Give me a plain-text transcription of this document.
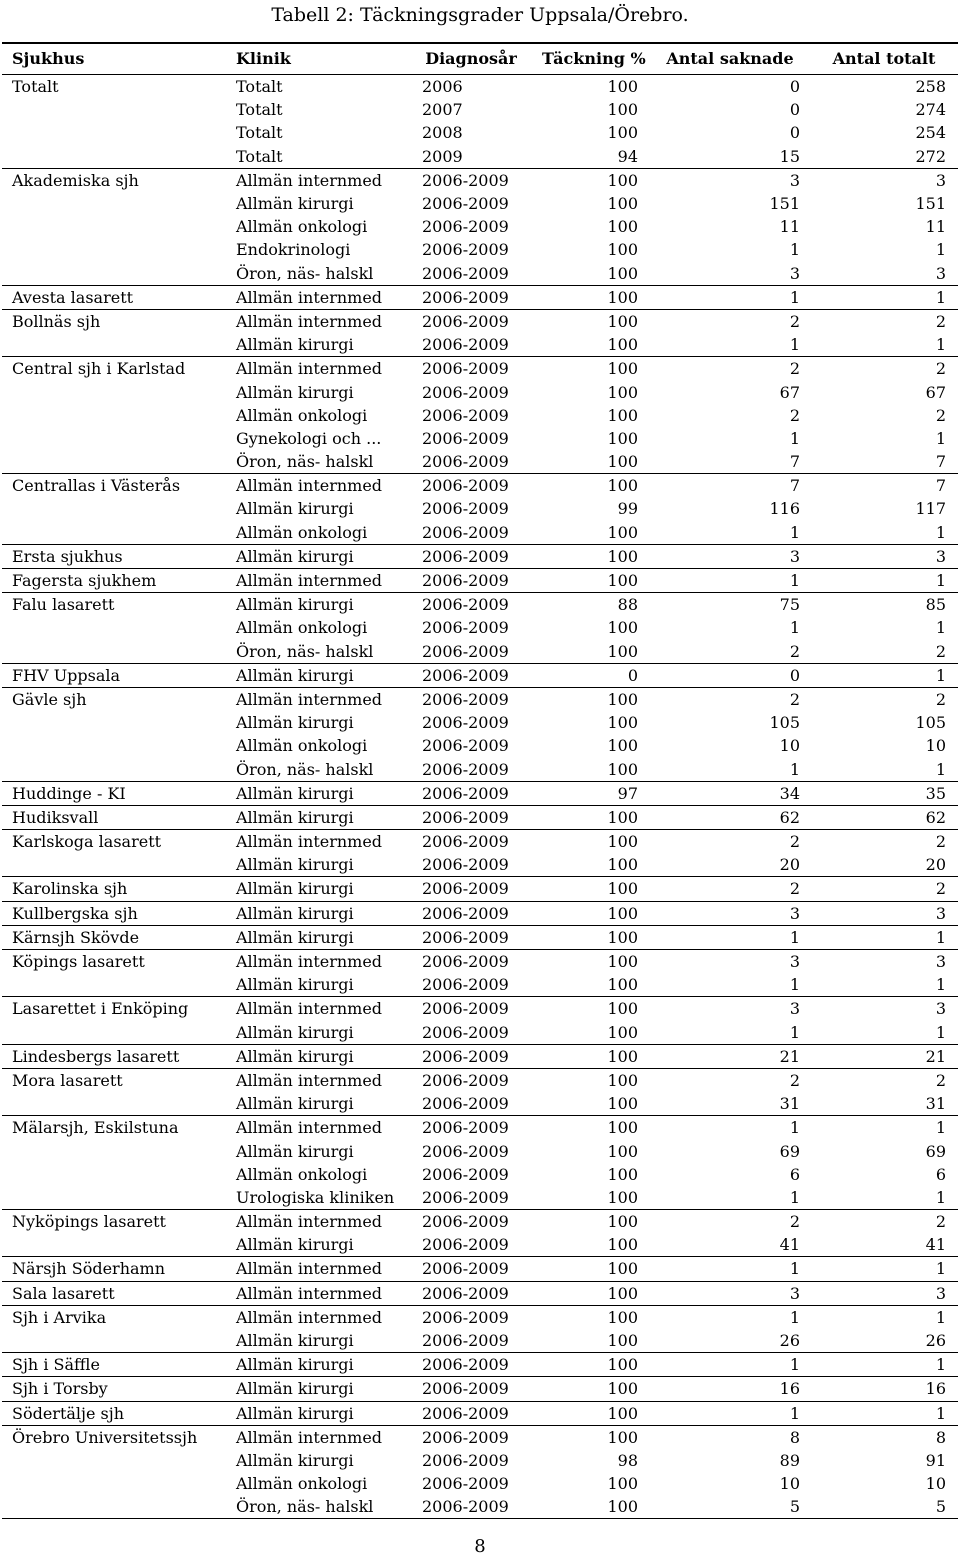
Tabell 2: Täckningsgrader Uppsala/Örebro.
Sjukhus	Klinik	Diagnosår	Täckning %	Antal saknade	Antal totalt
Totalt	Totalt	2006	100	0	258
	Totalt	2007	100	0	274
	Totalt	2008	100	0	254
	Totalt	2009	94	15	272
Akademiska sjh	Allmän internmed	2006-2009	100	3	3
	Allmän kirurgi	2006-2009	100	151	151
	Allmän onkologi	2006-2009	100	11	11
	Endokrinologi	2006-2009	100	1	1
	Öron, näs- halskl	2006-2009	100	3	3
Avesta lasarett	Allmän internmed	2006-2009	100	1	1
Bollnäs sjh	Allmän internmed	2006-2009	100	2	2
	Allmän kirurgi	2006-2009	100	1	1
Central sjh i Karlstad	Allmän internmed	2006-2009	100	2	2
	Allmän kirurgi	2006-2009	100	67	67
	Allmän onkologi	2006-2009	100	2	2
	Gynekologi och ...	2006-2009	100	1	1
	Öron, näs- halskl	2006-2009	100	7	7
Centrallas i Västerås	Allmän internmed	2006-2009	100	7	7
	Allmän kirurgi	2006-2009	99	116	117
	Allmän onkologi	2006-2009	100	1	1
Ersta sjukhus	Allmän kirurgi	2006-2009	100	3	3
Fagersta sjukhem	Allmän internmed	2006-2009	100	1	1
Falu lasarett	Allmän kirurgi	2006-2009	88	75	85
	Allmän onkologi	2006-2009	100	1	1
	Öron, näs- halskl	2006-2009	100	2	2
FHV Uppsala	Allmän kirurgi	2006-2009	0	0	1
Gävle sjh	Allmän internmed	2006-2009	100	2	2
	Allmän kirurgi	2006-2009	100	105	105
	Allmän onkologi	2006-2009	100	10	10
	Öron, näs- halskl	2006-2009	100	1	1
Huddinge - KI	Allmän kirurgi	2006-2009	97	34	35
Hudiksvall	Allmän kirurgi	2006-2009	100	62	62
Karlskoga lasarett	Allmän internmed	2006-2009	100	2	2
	Allmän kirurgi	2006-2009	100	20	20
Karolinska sjh	Allmän kirurgi	2006-2009	100	2	2
Kullbergska sjh	Allmän kirurgi	2006-2009	100	3	3
Kärnsjh Skövde	Allmän kirurgi	2006-2009	100	1	1
Köpings lasarett	Allmän internmed	2006-2009	100	3	3
	Allmän kirurgi	2006-2009	100	1	1
Lasarettet i Enköping	Allmän internmed	2006-2009	100	3	3
	Allmän kirurgi	2006-2009	100	1	1
Lindesbergs lasarett	Allmän kirurgi	2006-2009	100	21	21
Mora lasarett	Allmän internmed	2006-2009	100	2	2
	Allmän kirurgi	2006-2009	100	31	31
Mälarsjh, Eskilstuna	Allmän internmed	2006-2009	100	1	1
	Allmän kirurgi	2006-2009	100	69	69
	Allmän onkologi	2006-2009	100	6	6
	Urologiska kliniken	2006-2009	100	1	1
Nyköpings lasarett	Allmän internmed	2006-2009	100	2	2
	Allmän kirurgi	2006-2009	100	41	41
Närsjh Söderhamn	Allmän internmed	2006-2009	100	1	1
Sala lasarett	Allmän internmed	2006-2009	100	3	3
Sjh i Arvika	Allmän internmed	2006-2009	100	1	1
	Allmän kirurgi	2006-2009	100	26	26
Sjh i Säffle	Allmän kirurgi	2006-2009	100	1	1
Sjh i Torsby	Allmän kirurgi	2006-2009	100	16	16
Södertälje sjh	Allmän kirurgi	2006-2009	100	1	1
Örebro Universitetssjh	Allmän internmed	2006-2009	100	8	8
	Allmän kirurgi	2006-2009	98	89	91
	Allmän onkologi	2006-2009	100	10	10
	Öron, näs- halskl	2006-2009	100	5	5
8
